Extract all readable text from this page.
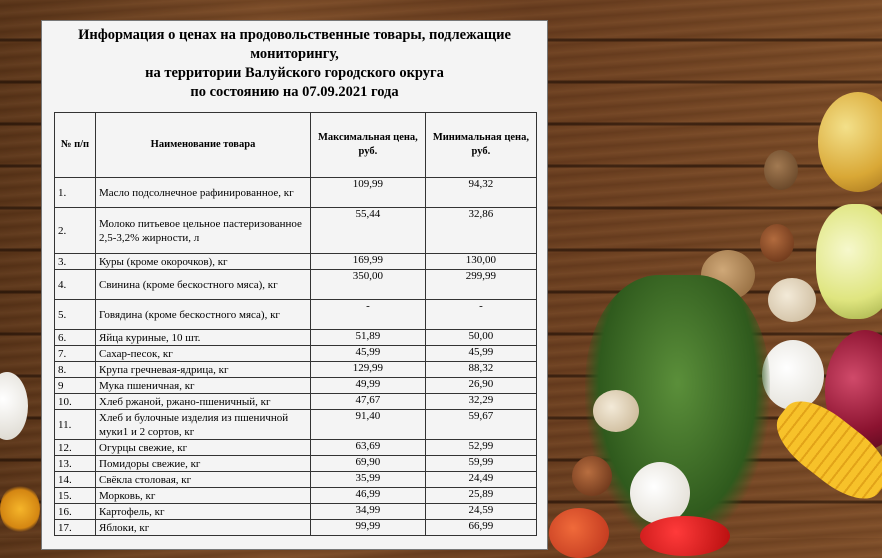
Информация о ценах на продовольственные товары, подлежащие
мониторингу,
на территории Валуйского городского округа
по состоянию на 07.09.2021 года
№ п/п	Наименование товара	Максимальная цена, руб.	Минимальная цена, руб.
1.	Масло подсолнечное рафинированное, кг	109,99	94,32
2.	Молоко питьевое цельное пастеризованное 2,5-3,2% жирности, л	55,44	32,86
3.	Куры (кроме окорочков), кг	169,99	130,00
4.	Свинина (кроме бескостного мяса), кг	350,00	299,99
5.	Говядина (кроме бескостного мяса), кг	-	-
6.	Яйца куриные, 10 шт.	51,89	50,00
7.	Сахар-песок, кг	45,99	45,99
8.	Крупа гречневая-ядрица, кг	129,99	88,32
9	Мука пшеничная, кг	49,99	26,90
10.	Хлеб ржаной, ржано-пшеничный, кг	47,67	32,29
11.	Хлеб и булочные изделия из пшеничной муки1 и 2 сортов, кг	91,40	59,67
12.	Огурцы свежие, кг	63,69	52,99
13.	Помидоры свежие, кг	69,90	59,99
14.	Свёкла столовая, кг	35,99	24,49
15.	Морковь, кг	46,99	25,89
16.	Картофель, кг	34,99	24,59
17.	Яблоки, кг	99,99	66,99
